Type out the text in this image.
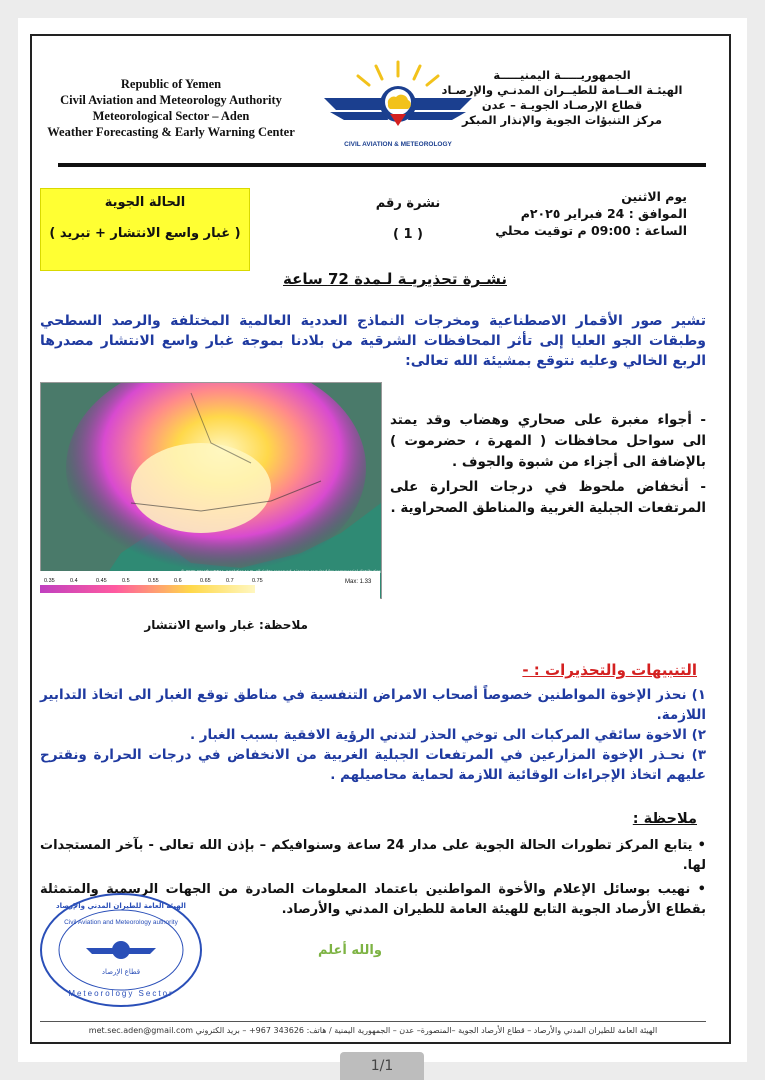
Republic of Yemen
Civil Aviation and Meteorology Authority
Meteorological Sector – Aden
Weather Forecasting & Early Warning Center
CIVIL AVIATION & METEOROLOGY
الجمهوريـــــة اليمنيـــــة
الهيئـة العــامة للطيــران المدنـي والإرصـاد
قطاع الإرصـاد الجويـة – عدن
مركز التنبؤات الجوية والإنذار المبكر
الحالة الجوية
( غبار واسع الانتشار + تبريد )
نشرة رقم
( 1 )
يوم الاثنين
الموافق : 24 فبراير ٢٠٢٥م
الساعة : 09:00 م توقيت محلي
نشـرة تحذيريـة لـمدة 72 ساعة
تشير صور الأقمار الاصطناعية ومخرجات النماذج العددية العالمية المختلفة والرصد السطحي وطبقات الجو العليا إلى تأثر المحافظات الشرقية من بلادنا بموجة غبار واسع الانتشار مصدرها الربع الخالي وعليه نتوقع بمشيئة الله تعالى:
0.35	0.4	0.45	0.5	0.55	0.6	0.65	0.7	0.75	Max: 1.33

- أجواء مغبرة على صحاري وهضاب وقد يمتد الى سواحل محافظات ( المهرة ، حضرموت ) بالإضافة الى أجزاء من شبوة والجوف .

- أنخفاض ملحوظ في درجات الحرارة على المرتفعات الجبلية الغربية والمناطق الصحراوية .

ملاحظة: غبار واسع الانتشار
التنبيهات والتحذيرات : -

١) نحذر الإخوة المواطنين خصوصاً أصحاب الامراض التنفسية في مناطق توقع الغبار الى اتخاذ التدابير اللازمة.

٢) الاخوة سائقي المركبات الى توخي الحذر لتدني الرؤية الافقية بسبب الغبار .

٣) نحـذر الإخوة المزارعين في المرتفعات الجبلية الغربية من الانخفاض في درجات الحرارة ونقترح عليهم اتخاذ الإجراءات الوقائية اللازمة لحماية محاصيلهم .

ملاحظة :

• يتابع المركز تطورات الحالة الجوية على مدار 24 ساعة وسنوافيكم – بإذن الله تعالى - بآخر المستجدات لها.

• نهيب بوسائل الإعلام والأخوة المواطنين باعتماد المعلومات الصادرة من الجهات الرسمية والمتمثلة بقطاع الأرصاد الجوية التابع للهيئة العامة للطيران المدني والأرصاد.

والله أعلم
الهيئة العامة للطيران المدني والإرصاد
Civil Aviation and Meteorology authority
قطاع الإرصاد
Meteorology Sector
الهيئة العامة للطيران المدني والأرصاد – قطاع الأرصاد الجوية –المنصورة– عدن – الجمهورية اليمنية / هاتف: 343626 967+ – بريد الكتروني met.sec.aden@gmail.com
1/1
